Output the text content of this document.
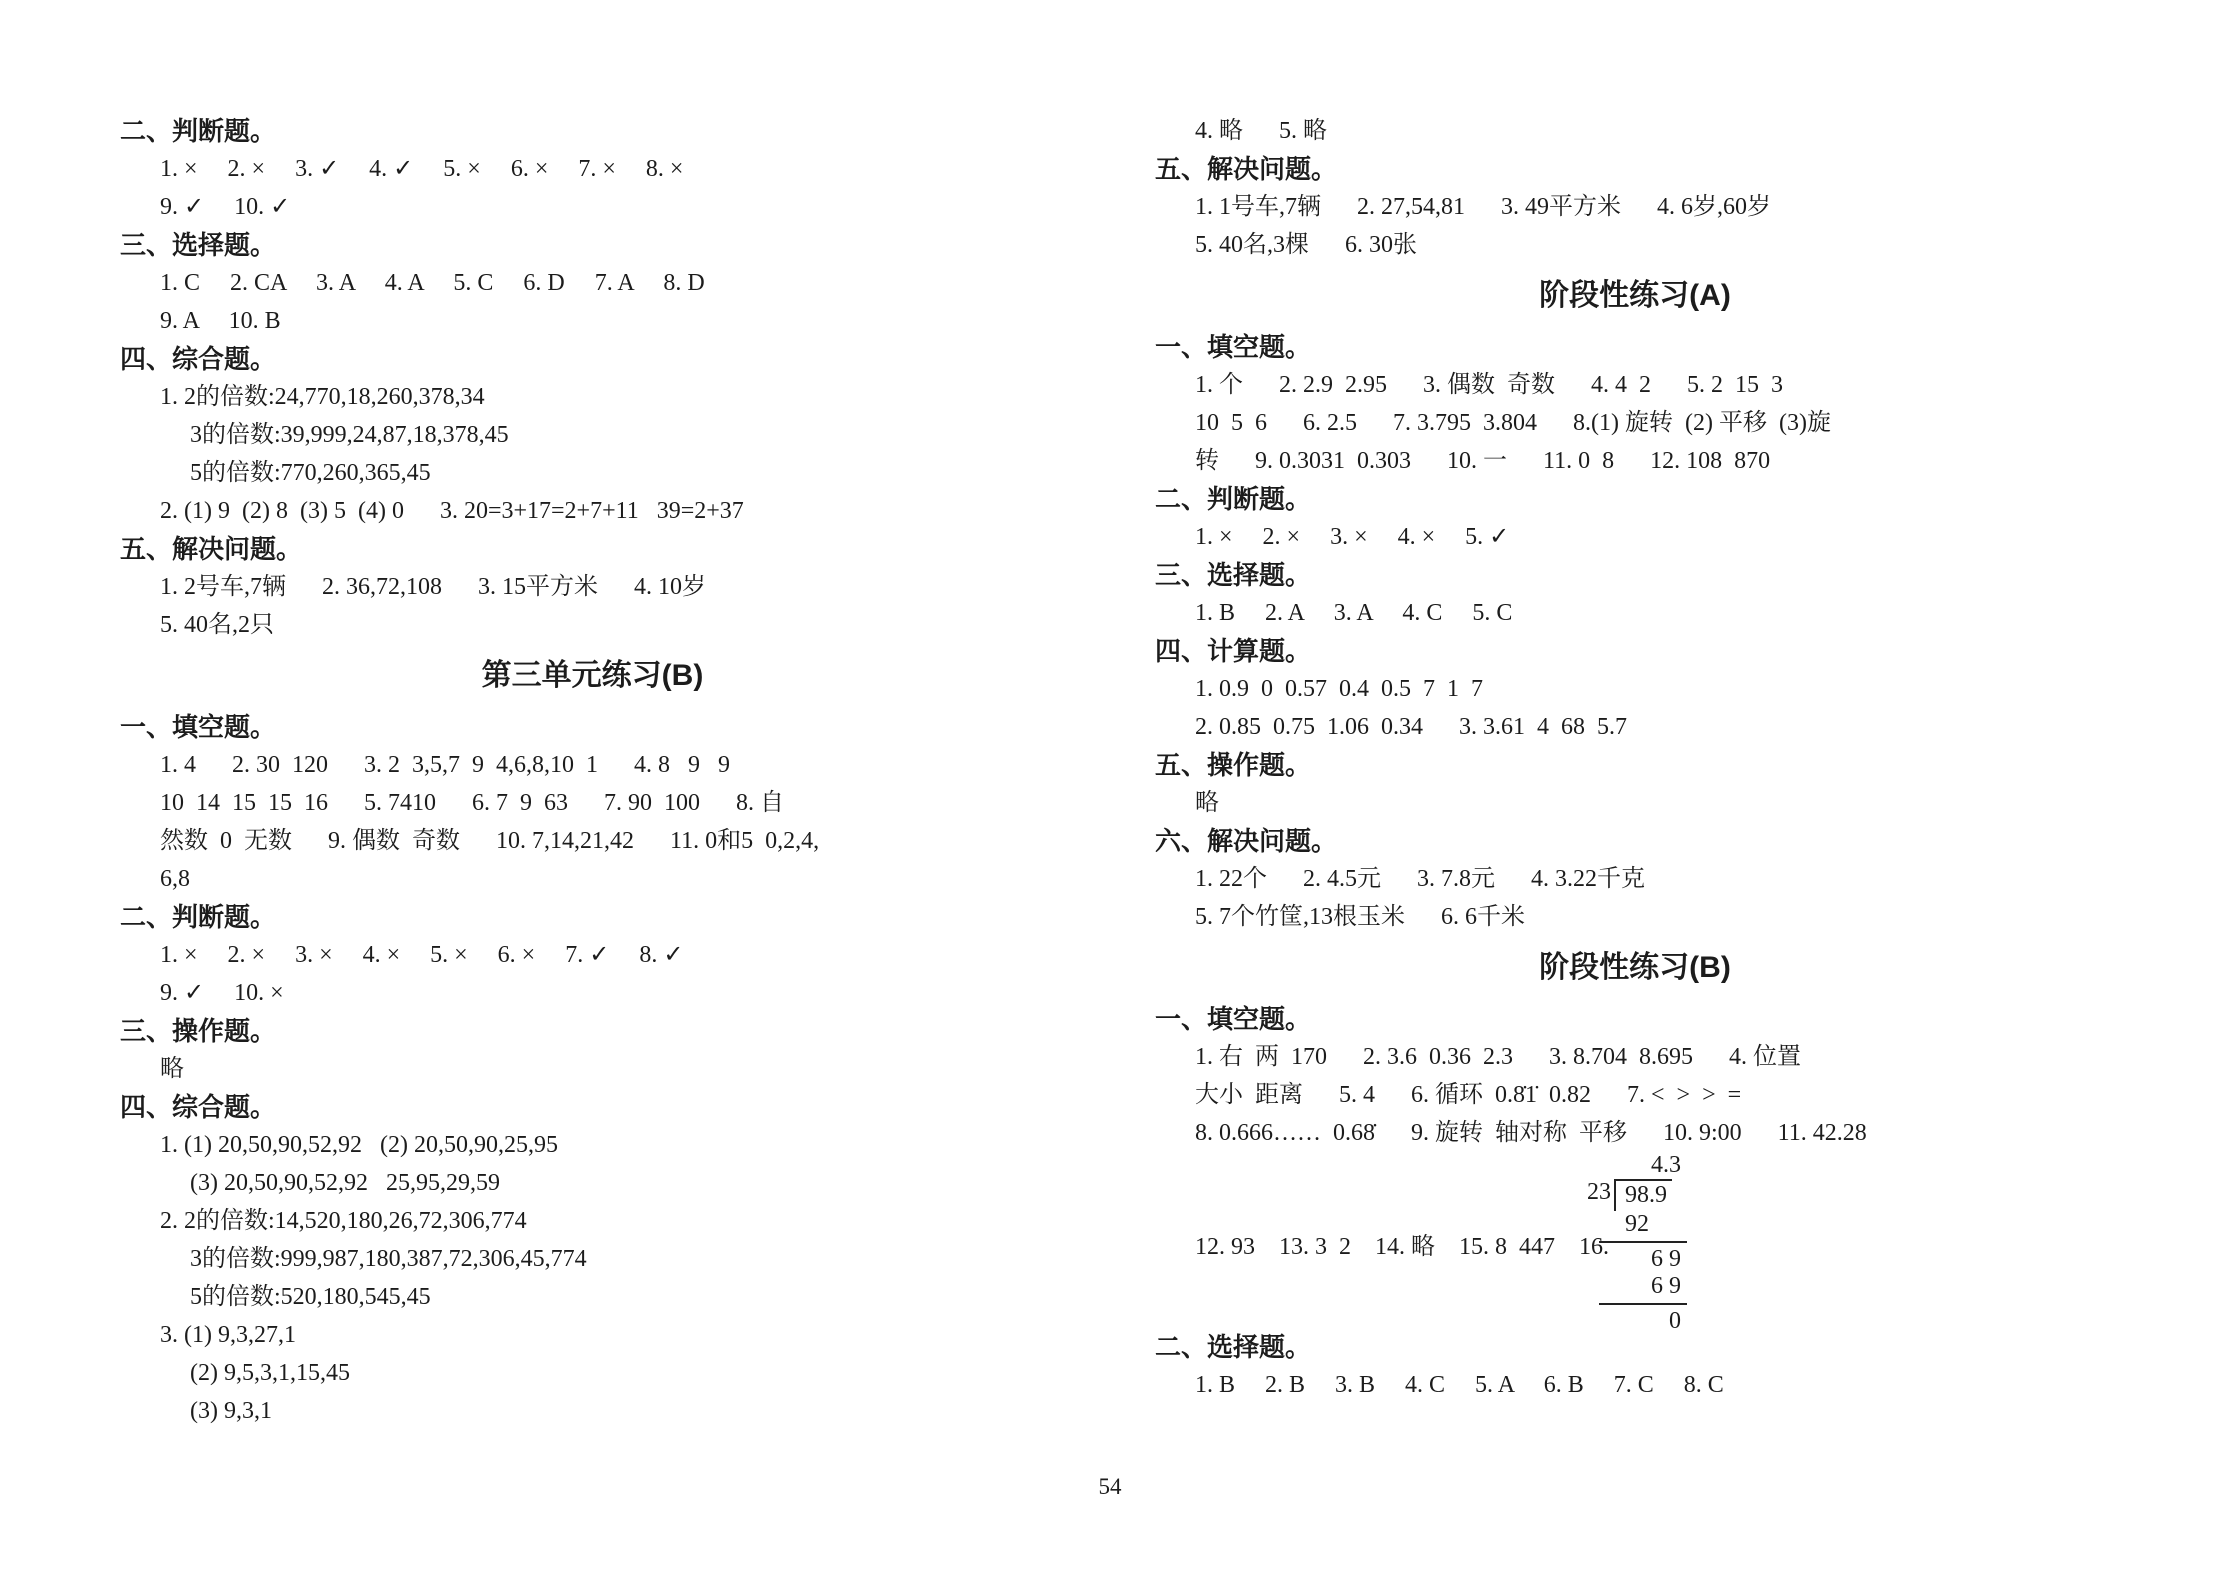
二、判断题。
1. ×     2. ×     3. ✓     4. ✓     5. ×     6. ×     7. ×     8. ×
9. ✓     10. ✓
三、选择题。
1. C     2. CA     3. A     4. A     5. C     6. D     7. A     8. D
9. A     10. B
四、综合题。
1. 2的倍数:24,770,18,260,378,34
3的倍数:39,999,24,87,18,378,45
5的倍数:770,260,365,45
2. (1) 9  (2) 8  (3) 5  (4) 0      3. 20=3+17=2+7+11   39=2+37
五、解决问题。
1. 2号车,7辆      2. 36,72,108      3. 15平方米      4. 10岁
5. 40名,2只
第三单元练习(B)
一、填空题。
1. 4      2. 30  120      3. 2  3,5,7  9  4,6,8,10  1      4. 8   9   9
10  14  15  15  16      5. 7410      6. 7  9  63      7. 90  100      8. 自
然数  0  无数      9. 偶数  奇数      10. 7,14,21,42      11. 0和5  0,2,4,
6,8
二、判断题。
1. ×     2. ×     3. ×     4. ×     5. ×     6. ×     7. ✓     8. ✓
9. ✓     10. ×
三、操作题。
略
四、综合题。
1. (1) 20,50,90,52,92   (2) 20,50,90,25,95
(3) 20,50,90,52,92   25,95,29,59
2. 2的倍数:14,520,180,26,72,306,774
3的倍数:999,987,180,387,72,306,45,774
5的倍数:520,180,545,45
3. (1) 9,3,27,1
(2) 9,5,3,1,15,45
(3) 9,3,1
4. 略      5. 略
五、解决问题。
1. 1号车,7辆      2. 27,54,81      3. 49平方米      4. 6岁,60岁
5. 40名,3棵      6. 30张
阶段性练习(A)
一、填空题。
1. 个      2. 2.9  2.95      3. 偶数  奇数      4. 4  2      5. 2  15  3
10  5  6      6. 2.5      7. 3.795  3.804      8.(1) 旋转  (2) 平移  (3)旋
转      9. 0.3031  0.303      10. 一      11. 0  8      12. 108  870
二、判断题。
1. ×     2. ×     3. ×     4. ×     5. ✓
三、选择题。
1. B     2. A     3. A     4. C     5. C
四、计算题。
1. 0.9  0  0.57  0.4  0.5  7  1  7
2. 0.85  0.75  1.06  0.34      3. 3.61  4  68  5.7
五、操作题。
略
六、解决问题。
1. 22个      2. 4.5元      3. 7.8元      4. 3.22千克
5. 7个竹筐,13根玉米      6. 6千米
阶段性练习(B)
一、填空题。
1. 右  两  170      2. 3.6  0.36  2.3      3. 8.704  8.695      4. 位置
大小  距离      5. 4      6. 循环  0.8̇1̇  0.82      7. <  >  >  =
8. 0.666……  0.68̇      9. 旋转  轴对称  平移      10. 9:00      11. 42.28
12. 93    13. 3  2    14. 略    15. 8  447    16.
4.3
23 98.9
92
6 9
6 9
0
二、选择题。
1. B     2. B     3. B     4. C     5. A     6. B     7. C     8. C
54
